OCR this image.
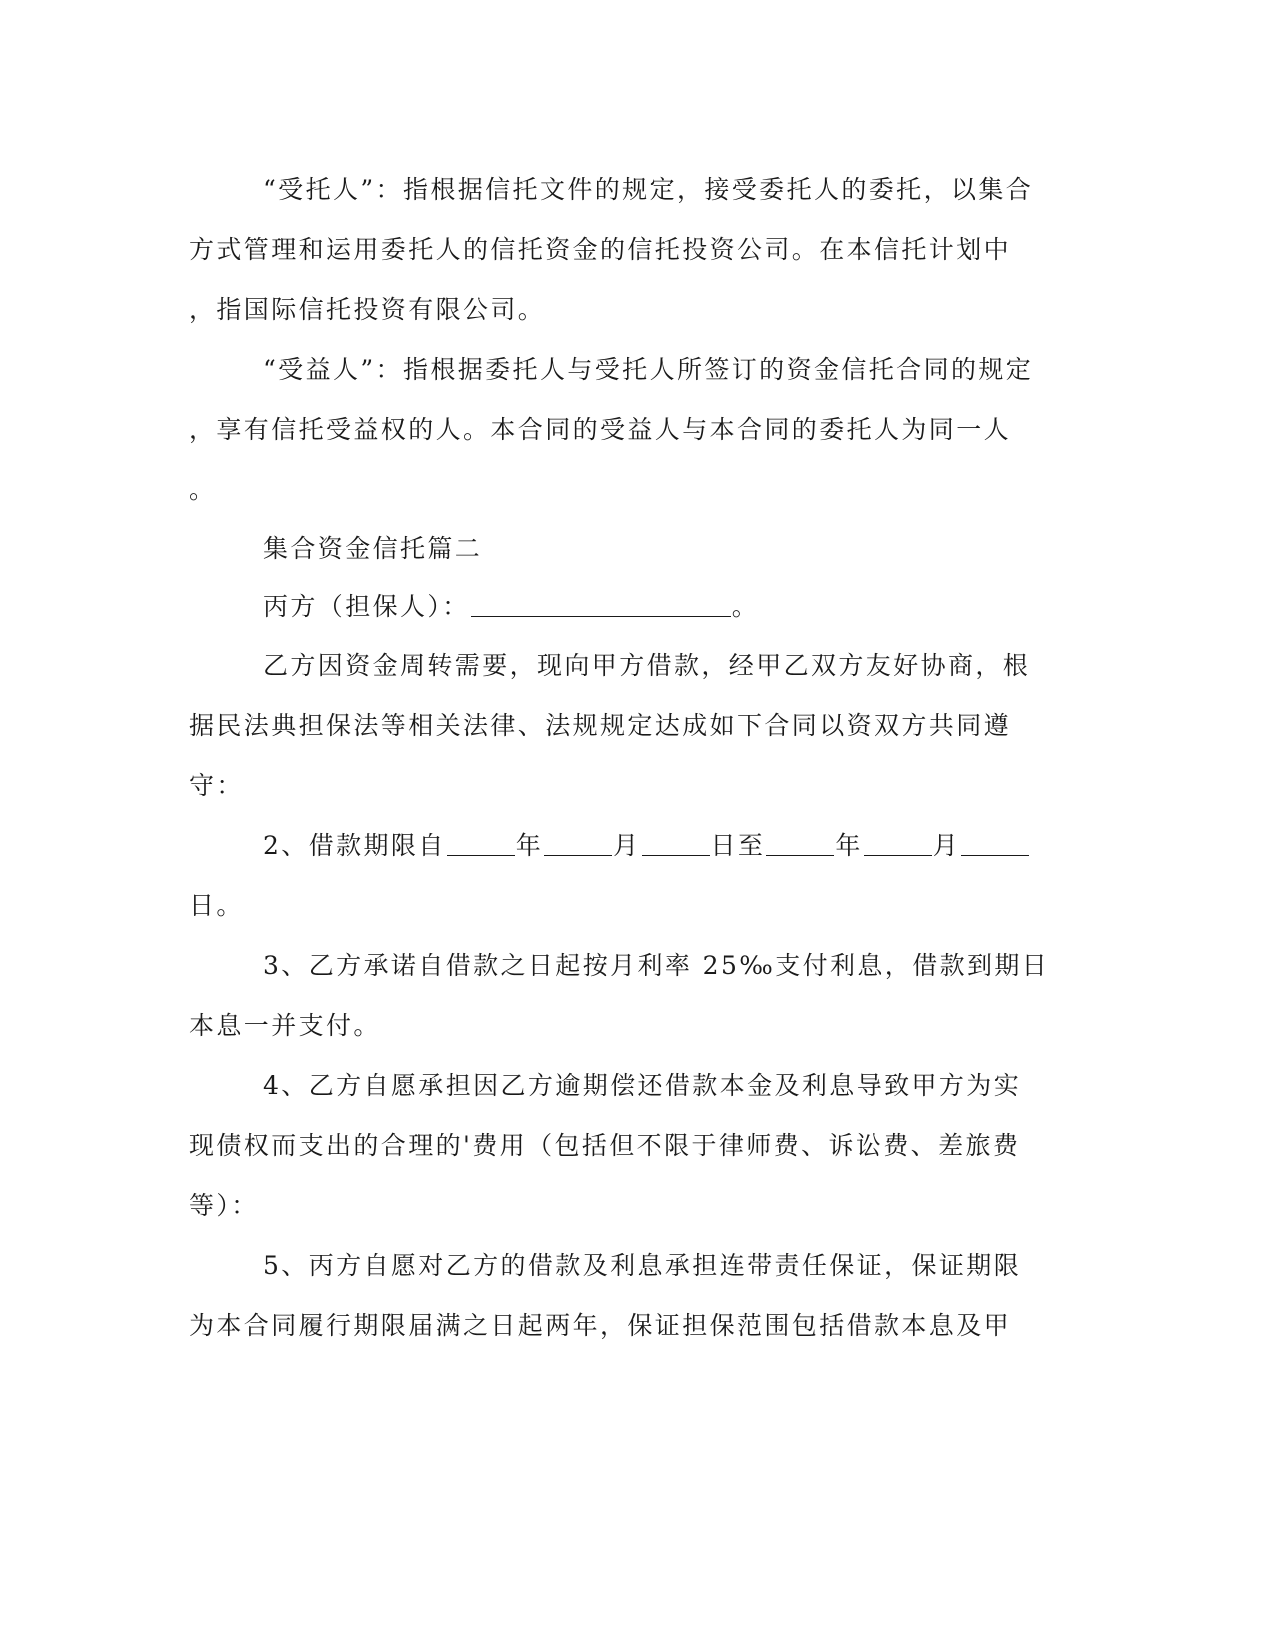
“受托人”：指根据信托文件的规定，接受委托人的委托，以集合
方式管理和运用委托人的信托资金的信托投资公司。在本信托计划中
，指国际信托投资有限公司。
“受益人”：指根据委托人与受托人所签订的资金信托合同的规定
，享有信托受益权的人。本合同的受益人与本合同的委托人为同一人
。
集合资金信托篇二
丙方（担保人）：	。
乙方因资金周转需要，现向甲方借款，经甲乙双方友好协商，根
据民法典担保法等相关法律、法规规定达成如下合同以资双方共同遵
守：
2、借款期限自	年	月	日至	年	月
日。
3、乙方承诺自借款之日起按月利率 25‰支付利息，借款到期日
本息一并支付。
4、乙方自愿承担因乙方逾期偿还借款本金及利息导致甲方为实
现债权而支出的合理的'费用（包括但不限于律师费、诉讼费、差旅费
等）：
5、丙方自愿对乙方的借款及利息承担连带责任保证，保证期限
为本合同履行期限届满之日起两年，保证担保范围包括借款本息及甲
